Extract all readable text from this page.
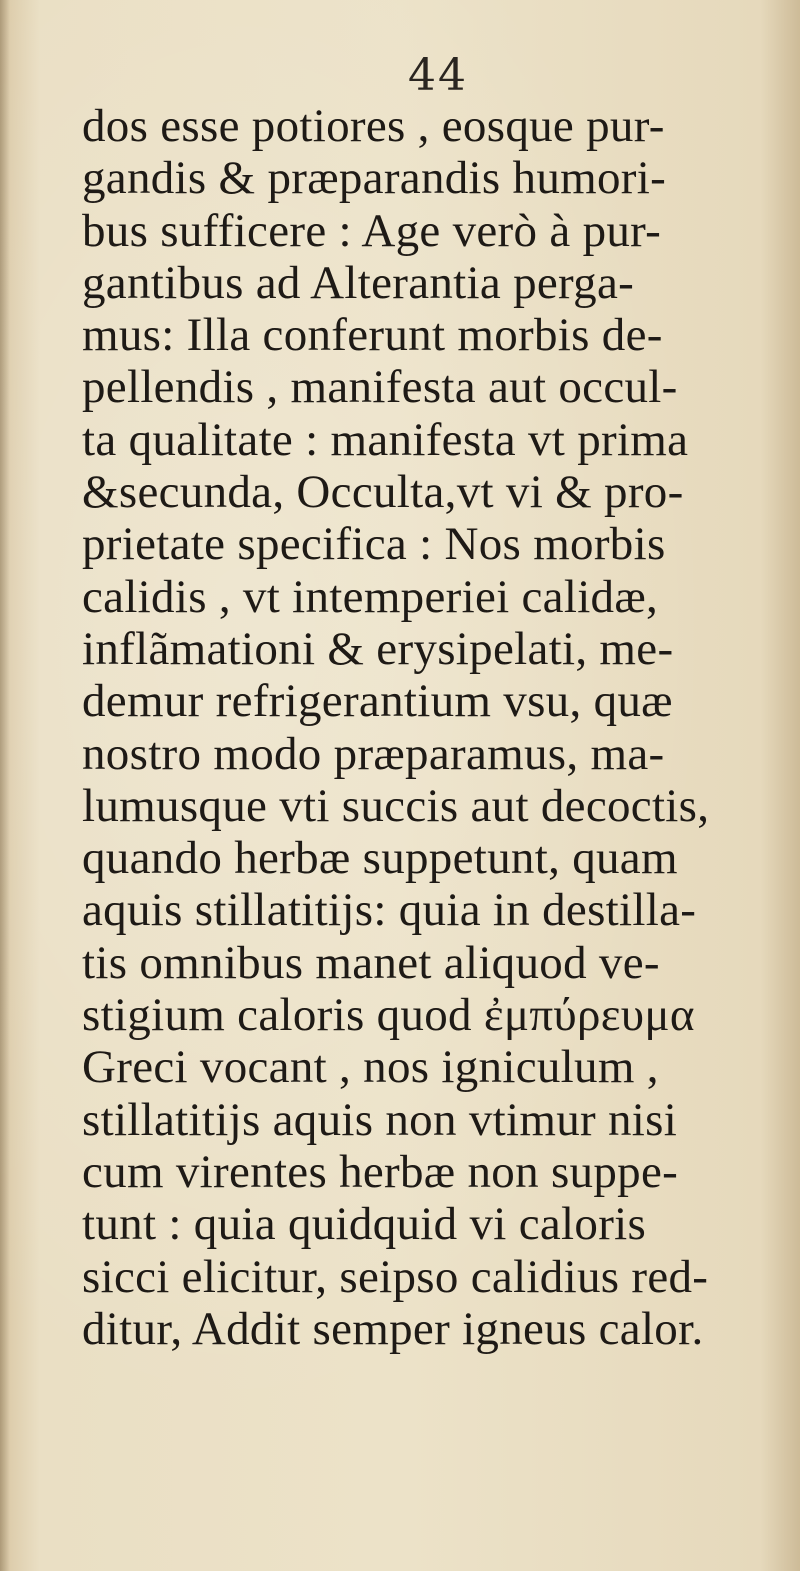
44
dos esse potiores , eosque pur-
gandis & præparandis humori-
bus sufficere : Age verò à pur-
gantibus ad Alterantia perga-
mus: Illa conferunt morbis de-
pellendis , manifesta aut occul-
ta qualitate : manifesta vt prima
&secunda, Occulta,vt vi & pro-
prietate specifica : Nos morbis
calidis , vt intemperiei calidæ,
inflãmationi & erysipelati, me-
demur refrigerantium vsu, quæ
nostro modo præparamus, ma-
lumusque vti succis aut decoctis,
quando herbæ suppetunt, quam
aquis stillatitijs: quia in destilla-
tis omnibus manet aliquod ve-
stigium caloris quod ἐμπύρευμα
Greci vocant , nos igniculum ,
stillatitijs aquis non vtimur nisi
cum virentes herbæ non suppe-
tunt : quia quidquid vi caloris
sicci elicitur, seipso calidius red-
ditur, Addit semper igneus calor.
